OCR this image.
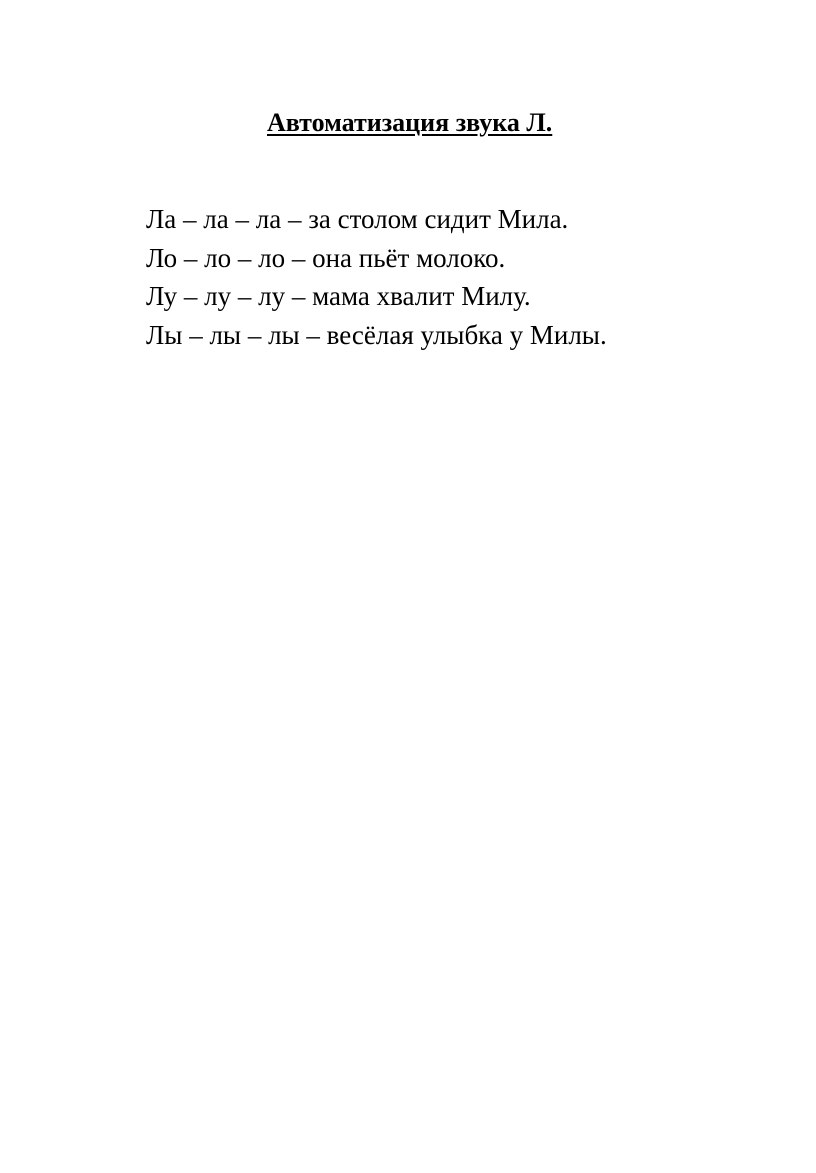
Автоматизация звука Л.
Ла – ла – ла – за столом сидит Мила.
Ло – ло – ло – она пьёт молоко.
Лу – лу – лу – мама хвалит Милу.
Лы – лы – лы – весёлая улыбка у Милы.
